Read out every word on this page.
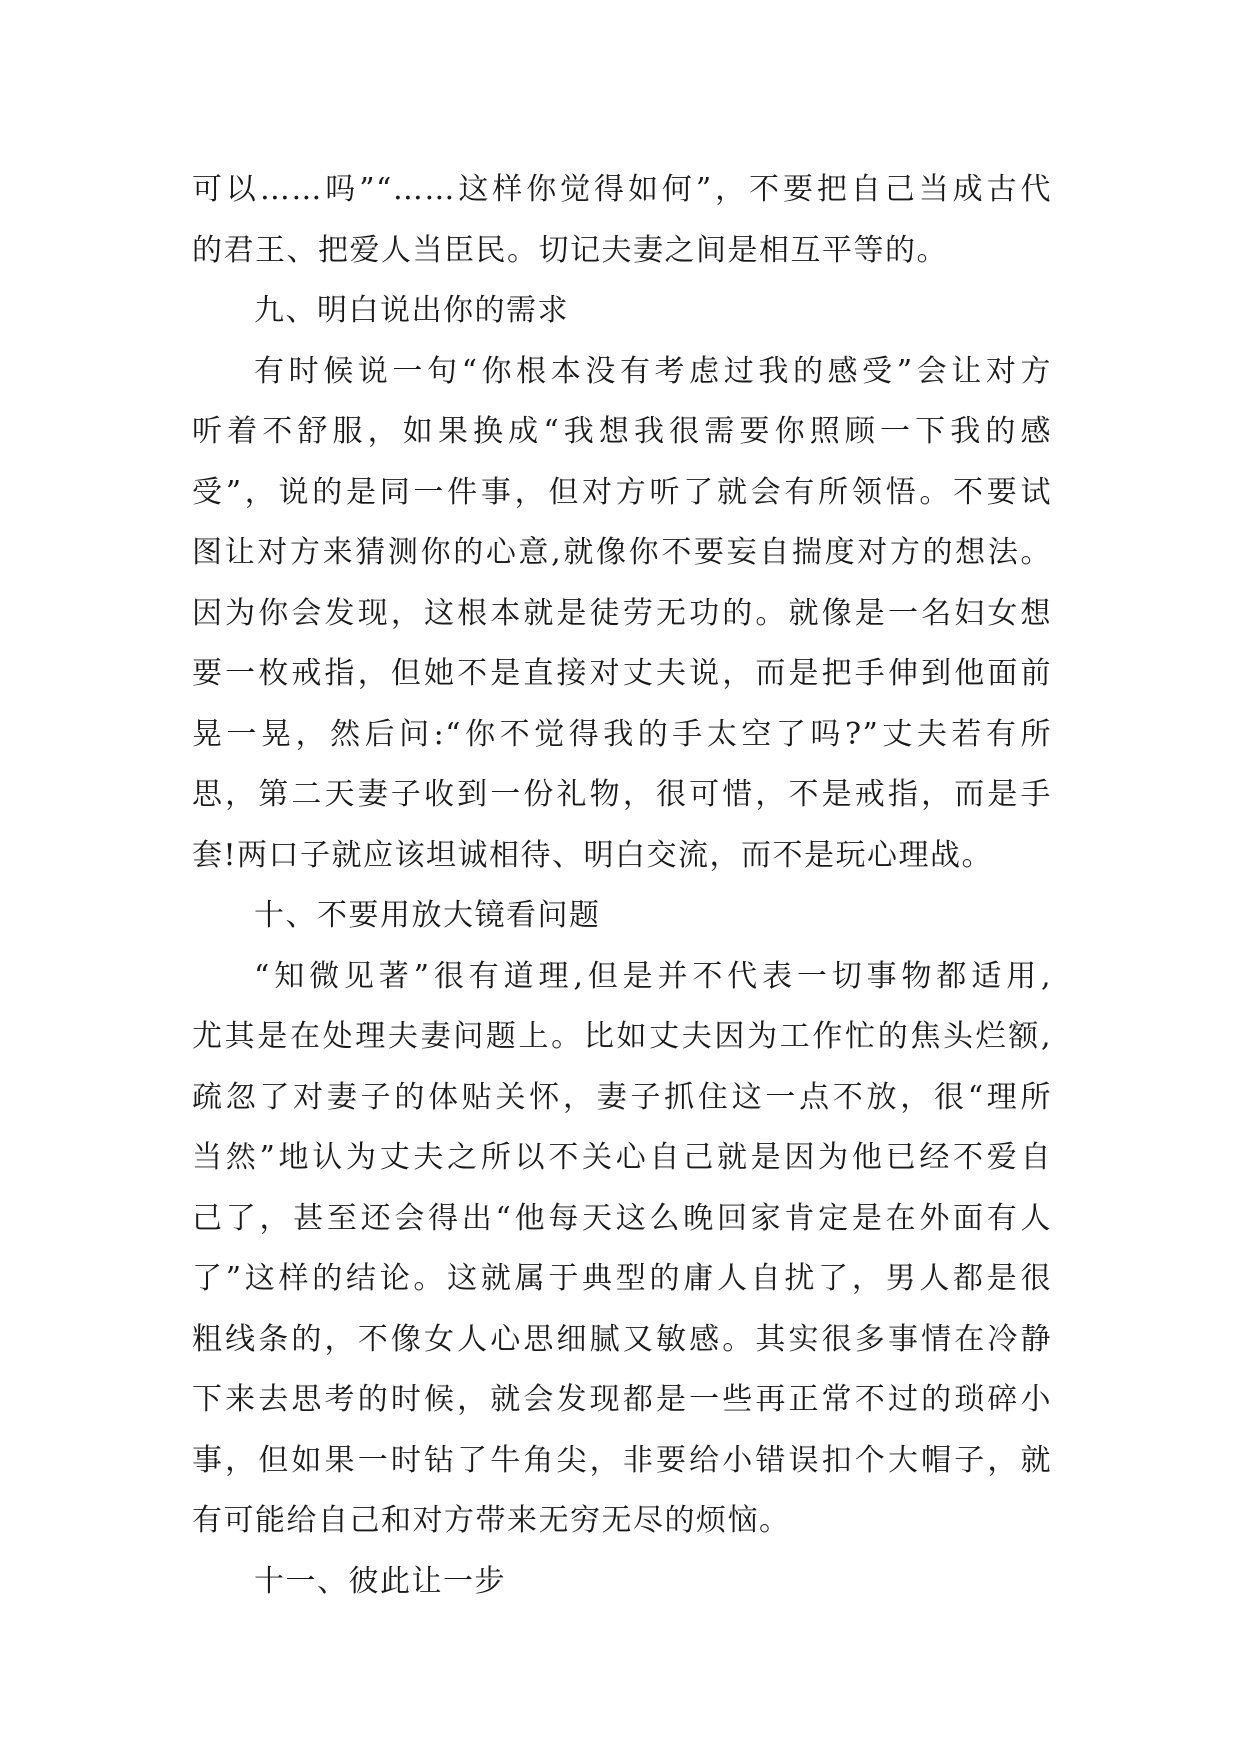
可以……吗”“……这样你觉得如何”，不要把自己当成古代
的君王、把爱人当臣民。切记夫妻之间是相互平等的。
九、明白说出你的需求
有时候说一句“你根本没有考虑过我的感受”会让对方
听着不舒服，如果换成“我想我很需要你照顾一下我的感
受”，说的是同一件事，但对方听了就会有所领悟。不要试
图让对方来猜测你的心意,就像你不要妄自揣度对方的想法。
因为你会发现，这根本就是徒劳无功的。就像是一名妇女想
要一枚戒指，但她不是直接对丈夫说，而是把手伸到他面前
晃一晃，然后问:“你不觉得我的手太空了吗?”丈夫若有所
思，第二天妻子收到一份礼物，很可惜，不是戒指，而是手
套!两口子就应该坦诚相待、明白交流，而不是玩心理战。
十、不要用放大镜看问题
“知微见著”很有道理,但是并不代表一切事物都适用,
尤其是在处理夫妻问题上。比如丈夫因为工作忙的焦头烂额,
疏忽了对妻子的体贴关怀，妻子抓住这一点不放，很“理所
当然”地认为丈夫之所以不关心自己就是因为他已经不爱自
己了，甚至还会得出“他每天这么晚回家肯定是在外面有人
了”这样的结论。这就属于典型的庸人自扰了，男人都是很
粗线条的，不像女人心思细腻又敏感。其实很多事情在冷静
下来去思考的时候，就会发现都是一些再正常不过的琐碎小
事，但如果一时钻了牛角尖，非要给小错误扣个大帽子，就
有可能给自己和对方带来无穷无尽的烦恼。
十一、彼此让一步
